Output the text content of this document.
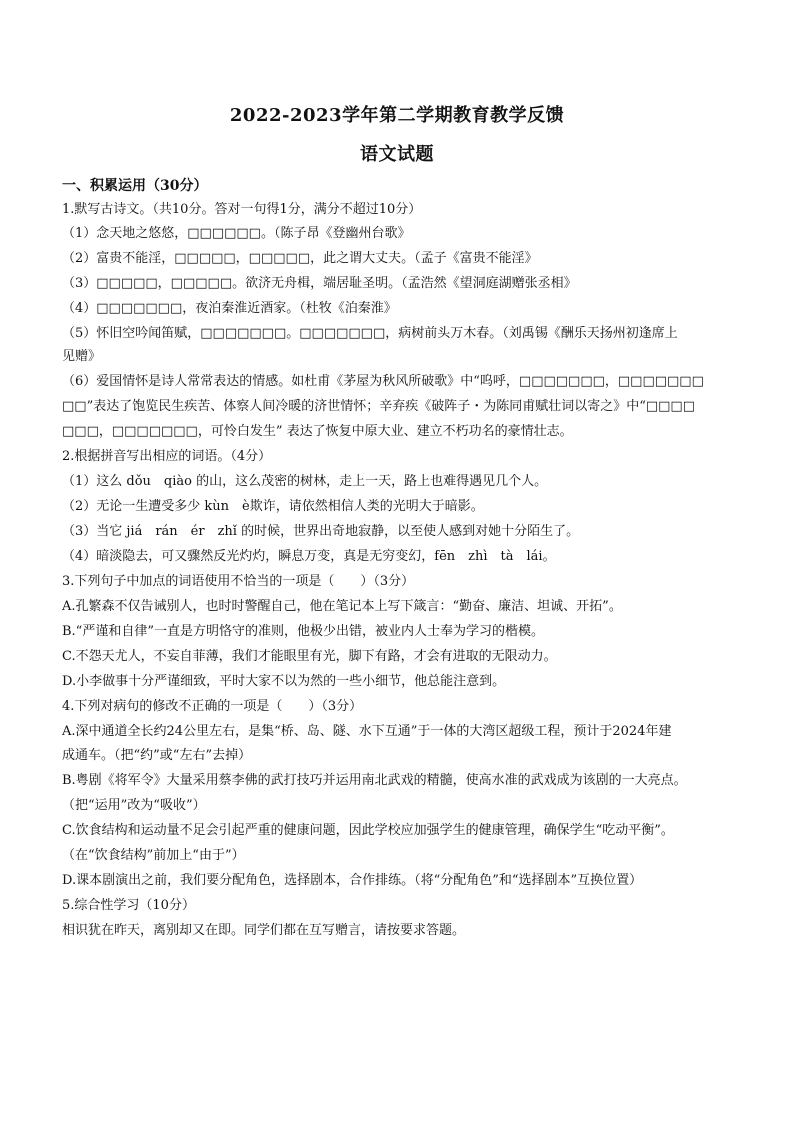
2022-2023学年第二学期教育教学反馈
语文试题
一、积累运用（30分）
1.默写古诗文。（共10分。答对一句得1分，满分不超过10分）
（1）念天地之悠悠，□□□□□□。（陈子昂《登幽州台歌》
（2）富贵不能淫，□□□□□，□□□□□，此之谓大丈夫。（孟子《富贵不能淫》
（3）□□□□□，□□□□□。欲济无舟楫，端居耻圣明。（孟浩然《望洞庭湖赠张丞相》
（4）□□□□□□□，夜泊秦淮近酒家。（杜牧《泊秦淮》
（5）怀旧空吟闻笛赋，□□□□□□□。□□□□□□□，病树前头万木春。（刘禹锡《酬乐天扬州初逢席上
见赠》
（6）爱国情怀是诗人常常表达的情感。如杜甫《茅屋为秋风所破歌》中“呜呼，□□□□□□□，□□□□□□□
□□”表达了饱览民生疾苦、体察人间冷暖的济世情怀；辛弃疾《破阵子・为陈同甫赋壮词以寄之》中“□□□□
□□□，□□□□□□□，可怜白发生” 表达了恢复中原大业、建立不朽功名的豪情壮志。
2.根据拼音写出相应的词语。（4分）
（1）这么 dǒu　qiào 的山，这么茂密的树林，走上一天，路上也难得遇见几个人。
（2）无论一生遭受多少 kùn　è欺诈，请依然相信人类的光明大于暗影。
（3）当它 jiá　rán　ér　zhǐ 的时候，世界出奇地寂静，以至使人感到对她十分陌生了。
（4）暗淡隐去，可又骤然反光灼灼，瞬息万变，真是无穷变幻，fēn　zhì　tà　lái。
3.下列句子中加点的词语使用不恰当的一项是（　　）（3分）
A.孔繁森不仅告诫别人，也时时警醒自己，他在笔记本上写下箴言：“勤奋、廉洁、坦诚、开拓”。
B.“严谨和自律”一直是方明恪守的准则，他极少出错，被业内人士奉为学习的楷模。
C.不怨天尤人，不妄自菲薄，我们才能眼里有光，脚下有路，才会有进取的无限动力。
D.小李做事十分严谨细致，平时大家不以为然的一些小细节，他总能注意到。
4.下列对病句的修改不正确的一项是（　　）（3分）
A.深中通道全长约24公里左右，是集“桥、岛、隧、水下互通”于一体的大湾区超级工程，预计于2024年建
成通车。（把“约”或“左右”去掉）
B.粤剧《将军令》大量采用蔡李佛的武打技巧并运用南北武戏的精髓，使高水准的武戏成为该剧的一大亮点。
（把“运用”改为“吸收”）
C.饮食结构和运动量不足会引起严重的健康问题，因此学校应加强学生的健康管理，确保学生“吃动平衡”。
（在“饮食结构”前加上“由于”）
D.课本剧演出之前，我们要分配角色，选择剧本，合作排练。（将“分配角色”和“选择剧本”互换位置）
5.综合性学习（10分）
相识犹在昨天，离别却又在即。同学们都在互写赠言，请按要求答题。
